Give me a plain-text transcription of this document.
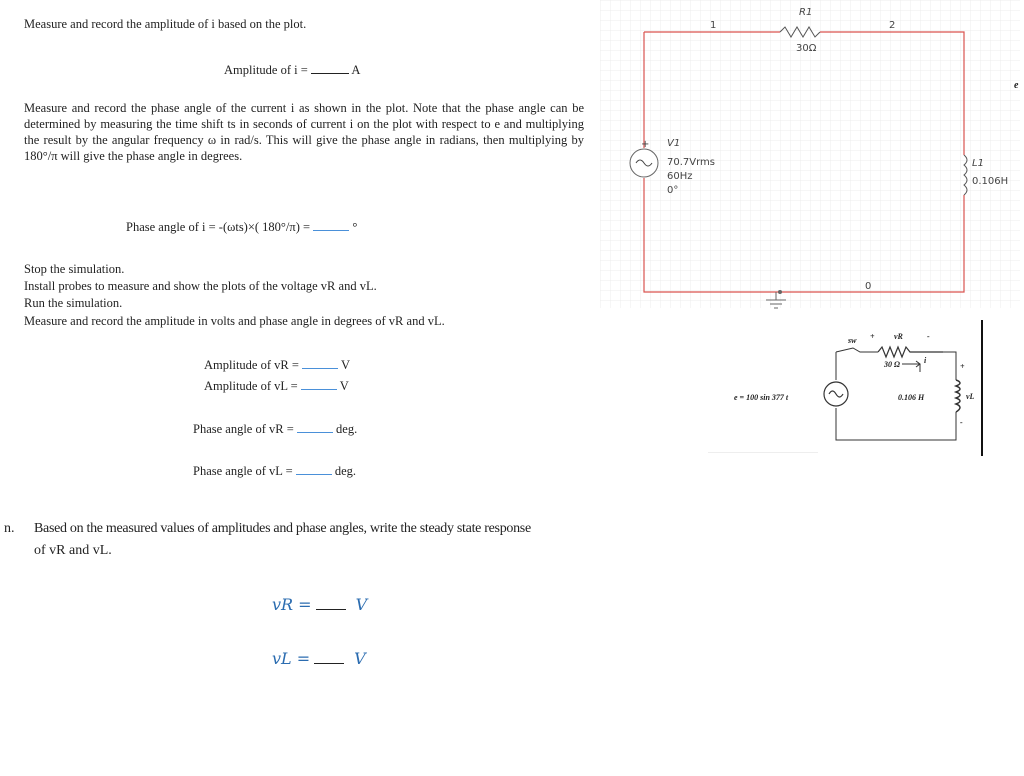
Measure and record the amplitude of i based on the plot.
Amplitude of i =	A
Measure and record the phase angle of the current i as shown in the plot. Note that the phase angle can be determined by measuring the time shift ts in seconds of current i on the plot with respect to e and multiplying the result by the angular frequency ω in rad/s. This will give the phase angle in radians, then multiplying by 180°/π will give the phase angle in degrees.
Phase angle of i = -(ωts)×( 180°/π) =	°
Stop the simulation.
Install probes to measure and show the plots of the voltage vR and vL.
Run the simulation.
Measure and record the amplitude in volts and phase angle in degrees of vR and vL.
Amplitude of vR =	V
Amplitude of vL =	V
Phase angle of vR =	deg.
Phase angle of vL =	deg.
n. Based on the measured values of amplitudes and phase angles, write the steady state response
of vR and vL.
vR =	V
vL =	V
+
R1
30Ω
1	2
0
V1
70.7Vrms
60Hz
0°
L1
0.106H
e
sw + vR	-
30 Ω	i
+
e = 100 sin 377 t	0.106 H	vL
-
